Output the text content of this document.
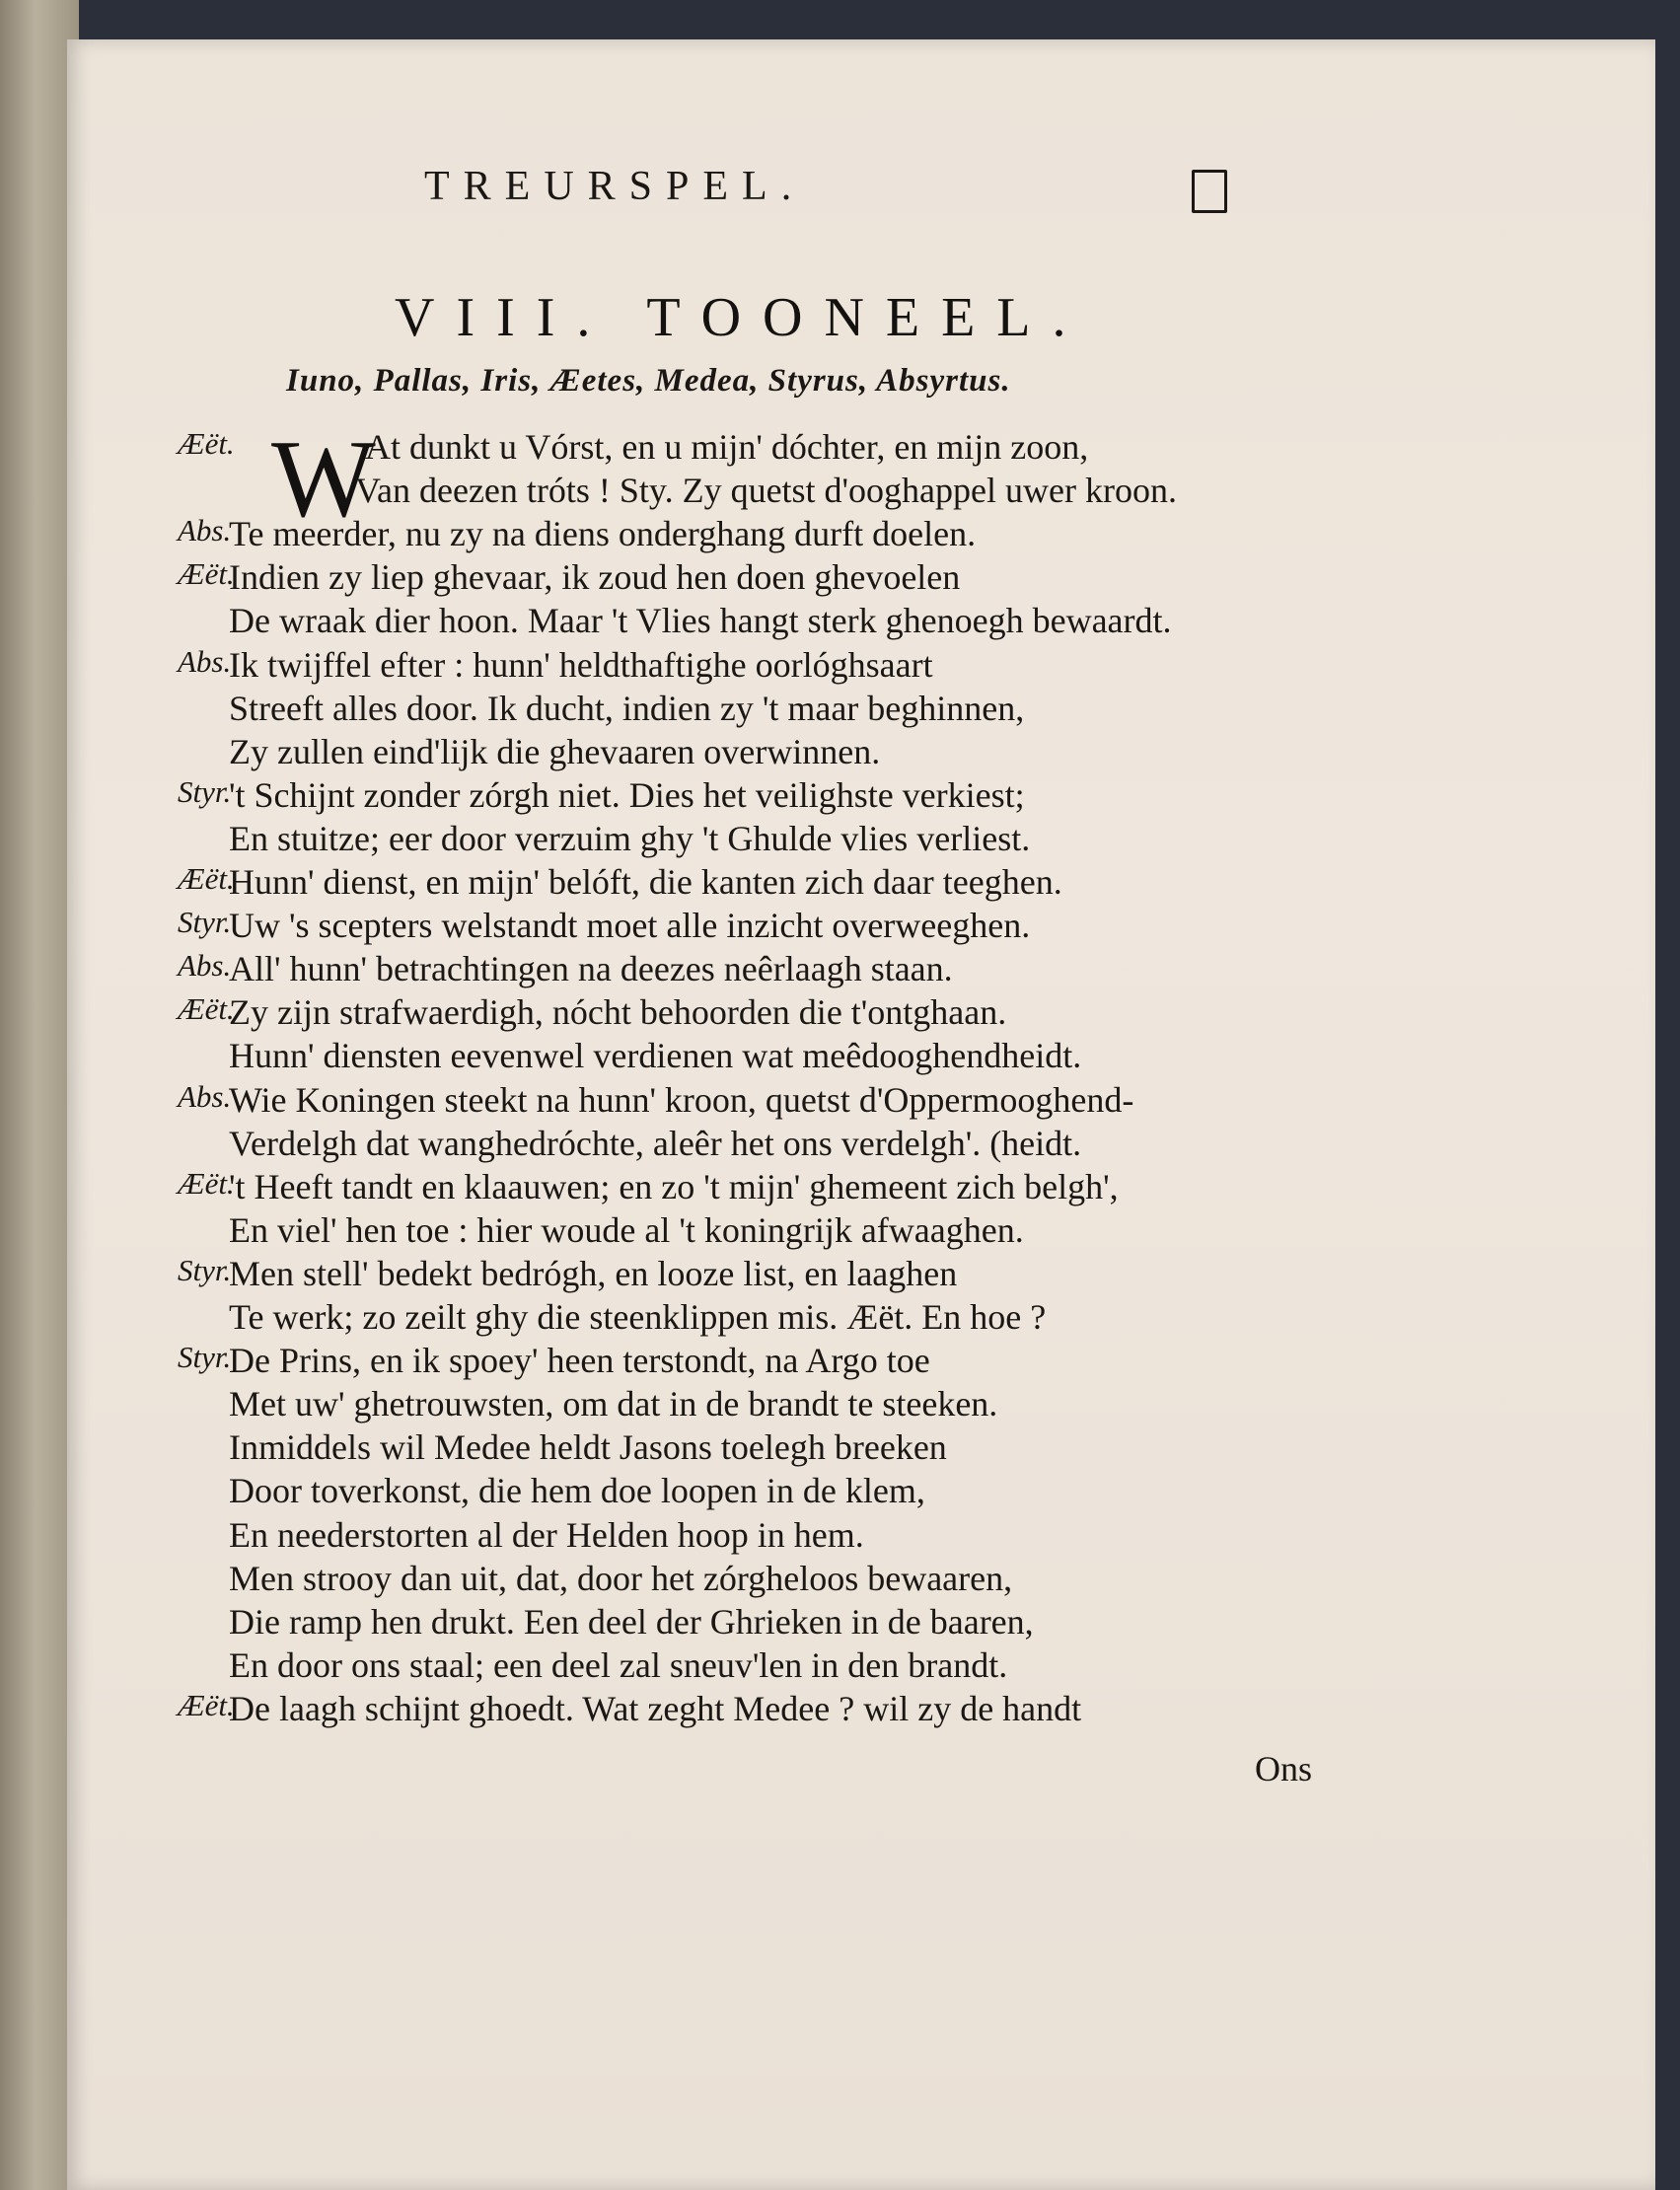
TREURSPEL.
VIII. TOONEEL.
Iuno, Pallas, Iris, Æetes, Medea, Styrus, Absyrtus.
W
Æët.	At dunkt u Vórst, en u mijn' dóchter, en mijn zoon,
Van deezen tróts ! Sty. Zy quetst d'ooghappel uwer kroon.
Abs.
Te meerder, nu zy na diens onderghang durft doelen.
Æët.
Indien zy liep ghevaar, ik zoud hen doen ghevoelen
De wraak dier hoon. Maar 't Vlies hangt sterk ghenoegh bewaardt.
Abs.
Ik twijffel efter : hunn' heldthaftighe oorlóghsaart
Streeft alles door. Ik ducht, indien zy 't maar beghinnen,
Zy zullen eind'lijk die ghevaaren overwinnen.
Styr.
't Schijnt zonder zórgh niet. Dies het veilighste verkiest;
En stuitze; eer door verzuim ghy 't Ghulde vlies verliest.
Æët.
Hunn' dienst, en mijn' belóft, die kanten zich daar teeghen.
Styr.
Uw 's scepters welstandt moet alle inzicht overweeghen.
Abs.
All' hunn' betrachtingen na deezes neêrlaagh staan.
Æët.
Zy zijn strafwaerdigh, nócht behoorden die t'ontghaan.
Hunn' diensten eevenwel verdienen wat meêdooghendheidt.
Abs.
Wie Koningen steekt na hunn' kroon, quetst d'Oppermooghend-
Verdelgh dat wanghedróchte, aleêr het ons verdelgh'. (heidt.
Æët.
't Heeft tandt en klaauwen; en zo 't mijn' ghemeent zich belgh',
En viel' hen toe : hier woude al 't koningrijk afwaaghen.
Styr.
Men stell' bedekt bedrógh, en looze list, en laaghen
Te werk; zo zeilt ghy die steenklippen mis. Æët. En hoe ?
Styr.
De Prins, en ik spoey' heen terstondt, na Argo toe
Met uw' ghetrouwsten, om dat in de brandt te steeken.
Inmiddels wil Medee heldt Jasons toelegh breeken
Door toverkonst, die hem doe loopen in de klem,
En neederstorten al der Helden hoop in hem.
Men strooy dan uit, dat, door het zórgheloos bewaaren,
Die ramp hen drukt. Een deel der Ghrieken in de baaren,
En door ons staal; een deel zal sneuv'len in den brandt.
Æët.
De laagh schijnt ghoedt. Wat zeght Medee ? wil zy de handt
Ons
